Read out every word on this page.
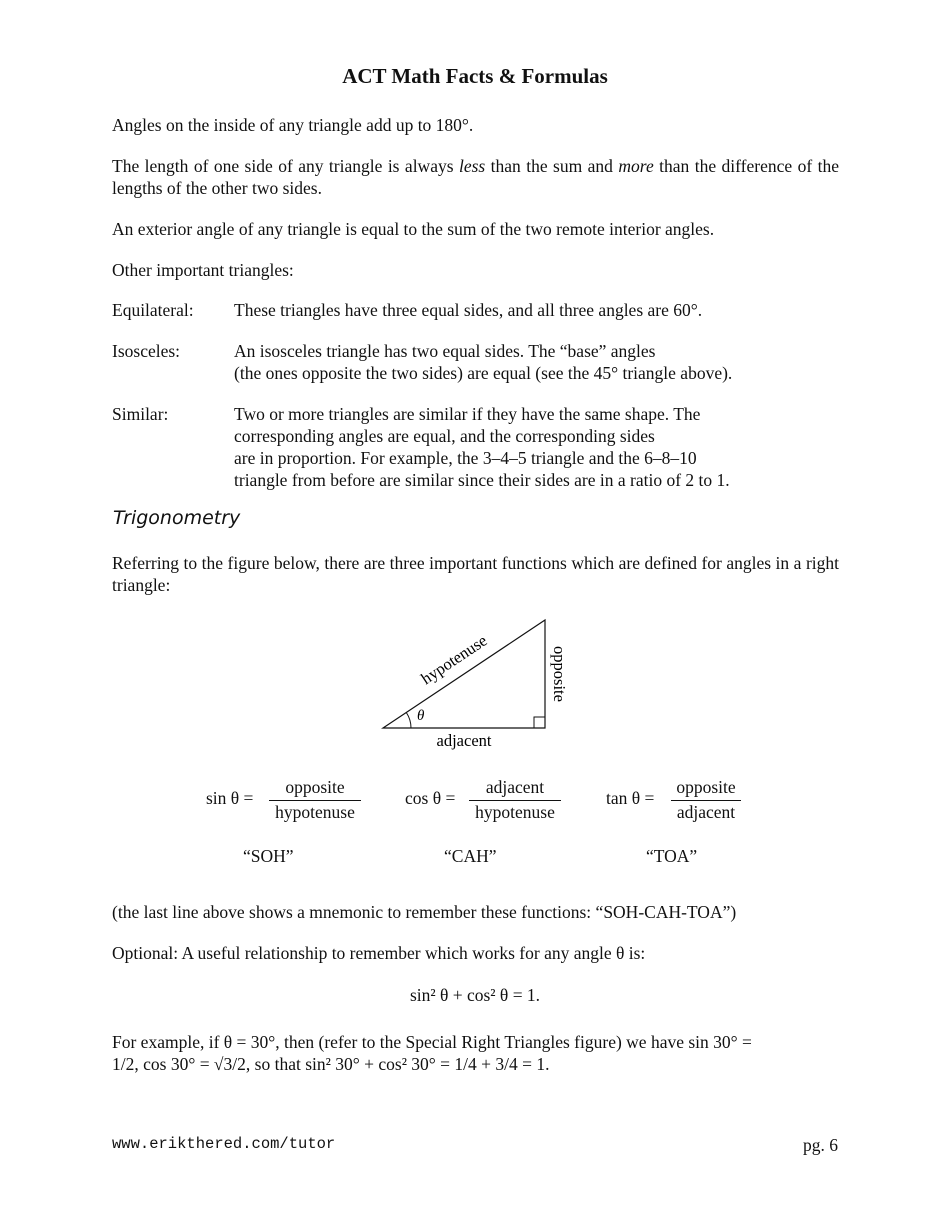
ACT Math Facts & Formulas
Angles on the inside of any triangle add up to 180°.
The length of one side of any triangle is always less than the sum and more than the difference of the lengths of the other two sides.
An exterior angle of any triangle is equal to the sum of the two remote interior angles.
Other important triangles:
Equilateral: These triangles have three equal sides, and all three angles are 60°.
Isosceles:	An isosceles triangle has two equal sides. The “base” angles
(the ones opposite the two sides) are equal (see the 45° triangle above).
Similar:	Two or more triangles are similar if they have the same shape. The
corresponding angles are equal, and the corresponding sides
are in proportion. For example, the 3–4–5 triangle and the 6–8–10
triangle from before are similar since their sides are in a ratio of 2 to 1.
Trigonometry
Referring to the figure below, there are three important functions which are defined for angles in a right triangle:
θ
hypotenuse	opposite
adjacent
sin θ =
opposite
hypotenuse
cos θ =
adjacent
hypotenuse
tan θ =
opposite
adjacent
“SOH”	“CAH”	“TOA”
(the last line above shows a mnemonic to remember these functions: “SOH-CAH-TOA”)
Optional: A useful relationship to remember which works for any angle θ is:
sin² θ + cos² θ = 1.
For example, if θ = 30°, then (refer to the Special Right Triangles figure) we have sin 30° =
1/2, cos 30° = √3/2, so that sin² 30° + cos² 30° = 1/4 + 3/4 = 1.
www.erikthered.com/tutor	pg. 6
